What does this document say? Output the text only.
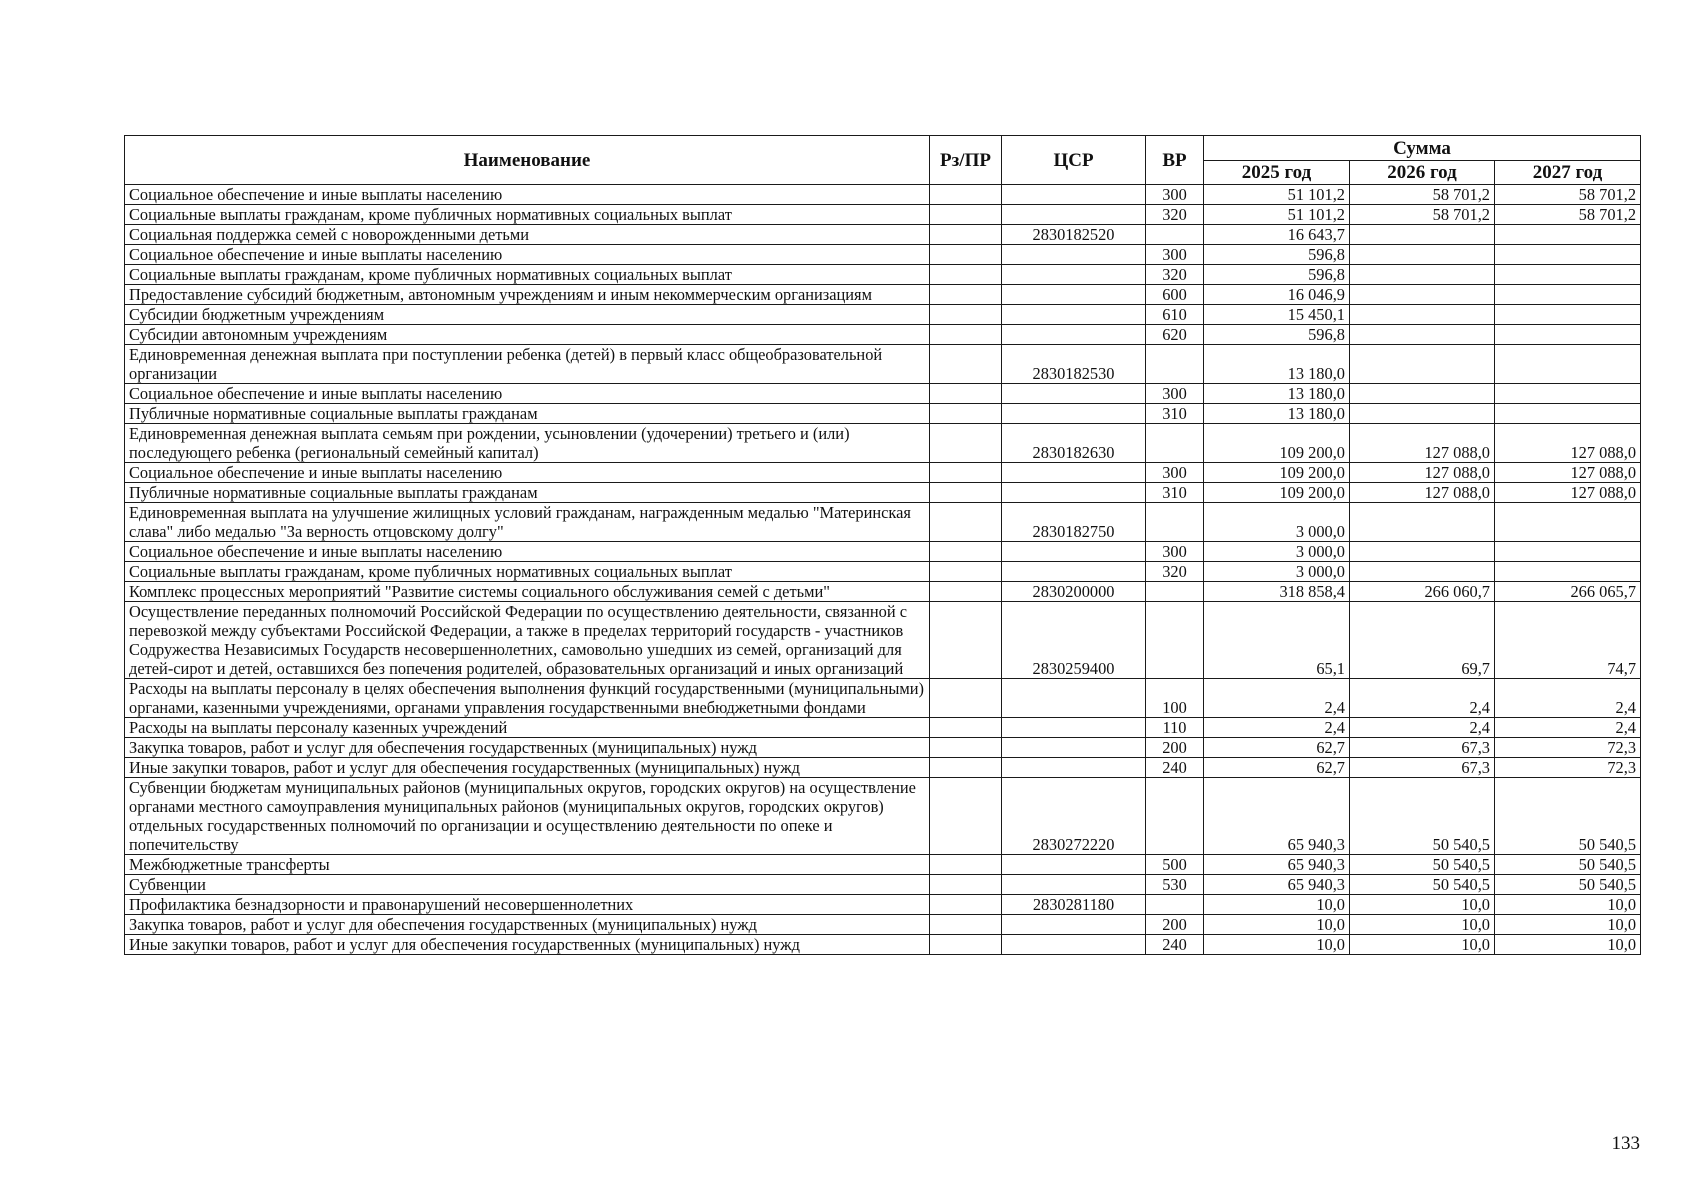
Наименование	Рз/ПР	ЦСР	ВР	Сумма		
				2025 год	2026 год	2027 год
Социальное обеспечение и иные выплаты населению			300	51 101,2	58 701,2	58 701,2
Социальные выплаты гражданам, кроме публичных нормативных социальных выплат			320	51 101,2	58 701,2	58 701,2
Социальная поддержка семей с новорожденными детьми		2830182520		16 643,7		
Социальное обеспечение и иные выплаты населению			300	596,8		
Социальные выплаты гражданам, кроме публичных нормативных социальных выплат			320	596,8		
Предоставление субсидий бюджетным, автономным учреждениям и иным некоммерческим организациям			600	16 046,9		
Субсидии бюджетным учреждениям			610	15 450,1		
Субсидии автономным учреждениям			620	596,8		
Единовременная денежная выплата при поступлении ребенка (детей) в первый класс общеобразовательной организации		2830182530		13 180,0		
Социальное обеспечение и иные выплаты населению			300	13 180,0		
Публичные нормативные социальные выплаты гражданам			310	13 180,0		
Единовременная денежная выплата семьям при рождении, усыновлении (удочерении) третьего и (или) последующего ребенка (региональный семейный капитал)		2830182630		109 200,0	127 088,0	127 088,0
Социальное обеспечение и иные выплаты населению			300	109 200,0	127 088,0	127 088,0
Публичные нормативные социальные выплаты гражданам			310	109 200,0	127 088,0	127 088,0
Единовременная выплата на улучшение жилищных условий гражданам, награжденным медалью "Материнская слава" либо медалью "За верность отцовскому долгу"		2830182750		3 000,0		
Социальное обеспечение и иные выплаты населению			300	3 000,0		
Социальные выплаты гражданам, кроме публичных нормативных социальных выплат			320	3 000,0		
Комплекс процессных мероприятий "Развитие системы социального обслуживания семей с детьми"		2830200000		318 858,4	266 060,7	266 065,7
Осуществление переданных полномочий Российской Федерации по осуществлению деятельности, связанной с перевозкой между субъектами Российской Федерации, а также в пределах территорий государств - участников Содружества Независимых Государств несовершеннолетних, самовольно ушедших из семей, организаций для детей-сирот и детей, оставшихся без попечения родителей, образовательных организаций и иных организаций		2830259400		65,1	69,7	74,7
Расходы на выплаты персоналу в целях обеспечения выполнения функций государственными (муниципальными) органами, казенными учреждениями, органами управления государственными внебюджетными фондами			100	2,4	2,4	2,4
Расходы на выплаты персоналу казенных учреждений			110	2,4	2,4	2,4
Закупка товаров, работ и услуг для обеспечения государственных (муниципальных) нужд			200	62,7	67,3	72,3
Иные закупки товаров, работ и услуг для обеспечения государственных (муниципальных) нужд			240	62,7	67,3	72,3
Субвенции бюджетам муниципальных районов (муниципальных округов, городских округов) на осуществление органами местного самоуправления муниципальных районов (муниципальных округов, городских округов) отдельных государственных полномочий по организации и осуществлению деятельности по опеке и попечительству		2830272220		65 940,3	50 540,5	50 540,5
Межбюджетные трансферты			500	65 940,3	50 540,5	50 540,5
Субвенции			530	65 940,3	50 540,5	50 540,5
Профилактика безнадзорности и правонарушений несовершеннолетних		2830281180		10,0	10,0	10,0
Закупка товаров, работ и услуг для обеспечения государственных (муниципальных) нужд			200	10,0	10,0	10,0
Иные закупки товаров, работ и услуг для обеспечения государственных (муниципальных) нужд			240	10,0	10,0	10,0
133
